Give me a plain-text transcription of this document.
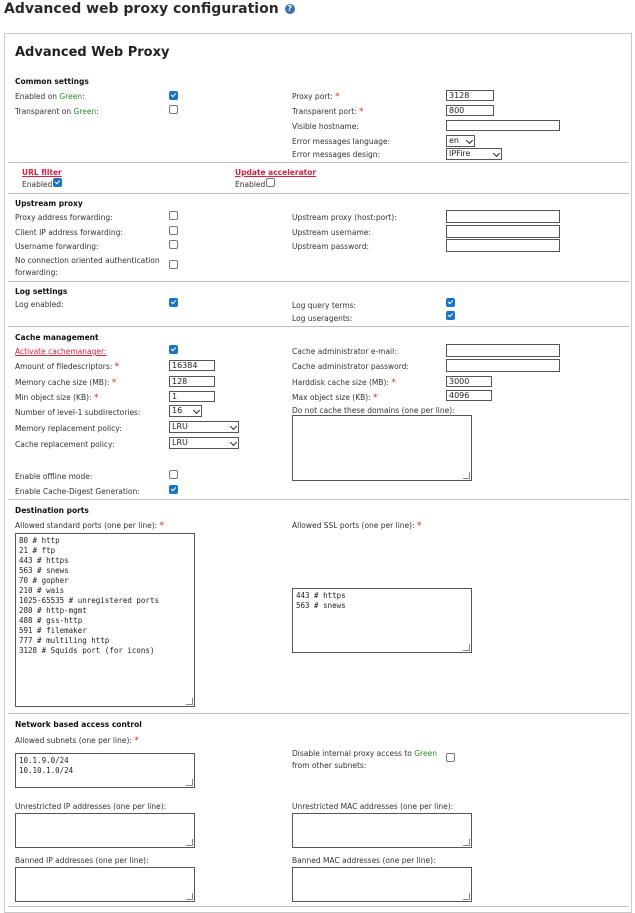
Advanced web proxy configuration ?
Advanced Web Proxy
Common settings
Enabled on Green:
Transparent on Green:
Proxy port: *	3128
Transparent port: *	800
Visible hostname:
Error messages language:	en
Error messages design:	IPFire
URL filter
Enabled
Update accelerator
Enabled
Upstream proxy
Proxy address forwarding:
Client IP address forwarding:
Username forwarding:
No connection oriented authentication
forwarding:
Upstream proxy (host:port):
Upstream username:
Upstream password:
Log settings
Log enabled:	Log query terms:
Log useragents:
Cache management
Activate cachemanager:
Amount of filedescriptors: *	16384
Memory cache size (MB): *	128
Min object size (KB): *	1
Number of level-1 subdirectories:	16
Memory replacement policy:	LRU
Cache replacement policy:	LRU
Enable offline mode:
Enable Cache-Digest Generation:
Cache administrator e-mail:
Cache administrator password:
Harddisk cache size (MB): *	3000
Max object size (KB): *	4096
Do not cache these domains (one per line):
Destination ports
Allowed standard ports (one per line): *
80 # http
21 # ftp
443 # https
563 # snews
70 # gopher
210 # wais
1025-65535 # unregistered ports
280 # http-mgmt
488 # gss-http
591 # filemaker
777 # multiling http
3128 # Squids port (for icons)
Allowed SSL ports (one per line): *
443 # https
563 # snews
Network based access control
Allowed subnets (one per line): *
10.1.9.0/24
10.10.1.0/24
Disable internal proxy access to Green
from other subnets:
Unrestricted IP addresses (one per line):	Unrestricted MAC addresses (one per line):
Banned IP addresses (one per line):	Banned MAC addresses (one per line):
